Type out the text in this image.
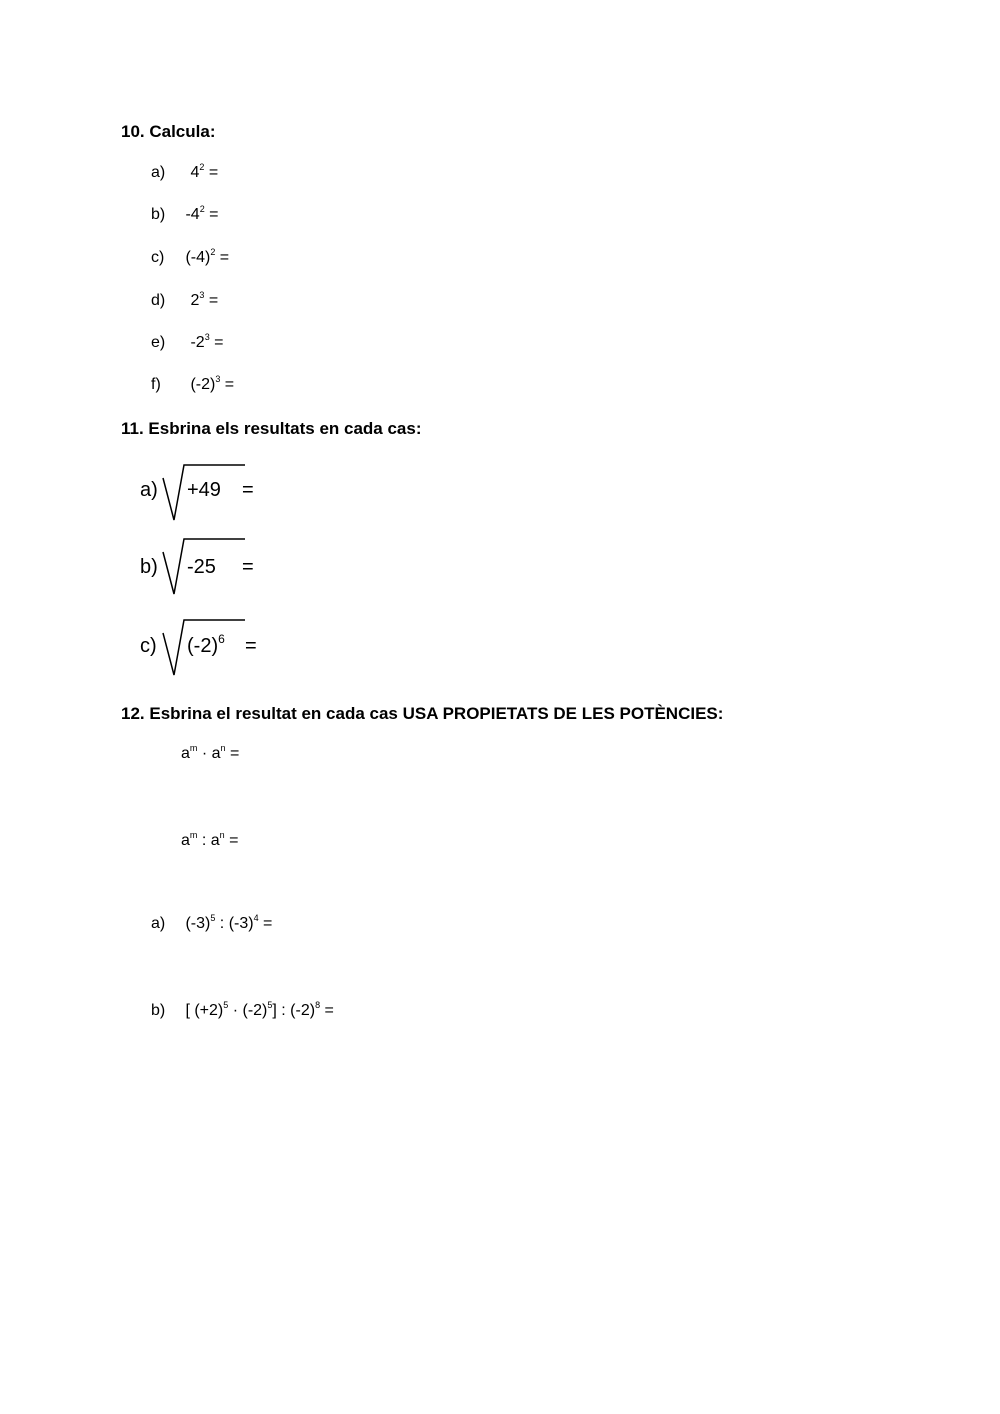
10. Calcula:
a) $4^2$ =
b) $-4^2$ =
c) $(-4)^2$ =
d) $2^3$ =
e) $-2^3$ =
f) $(-2)^3$ =
11. Esbrina els resultats en cada cas:
a) +49 =
b) -25 =
c) $(-2)^6$ =
12. Esbrina el resultat en cada cas USA PROPIETATS DE LES POTÈNCIES:
$a^m \cdot a^n$ =
$a^m$ : $a^n$ =
a) $(-3)^5$ : $(-3)^4$ =
b) [ $(+2)^5 \cdot (-2)^5$] : $(-2)^8$ =
